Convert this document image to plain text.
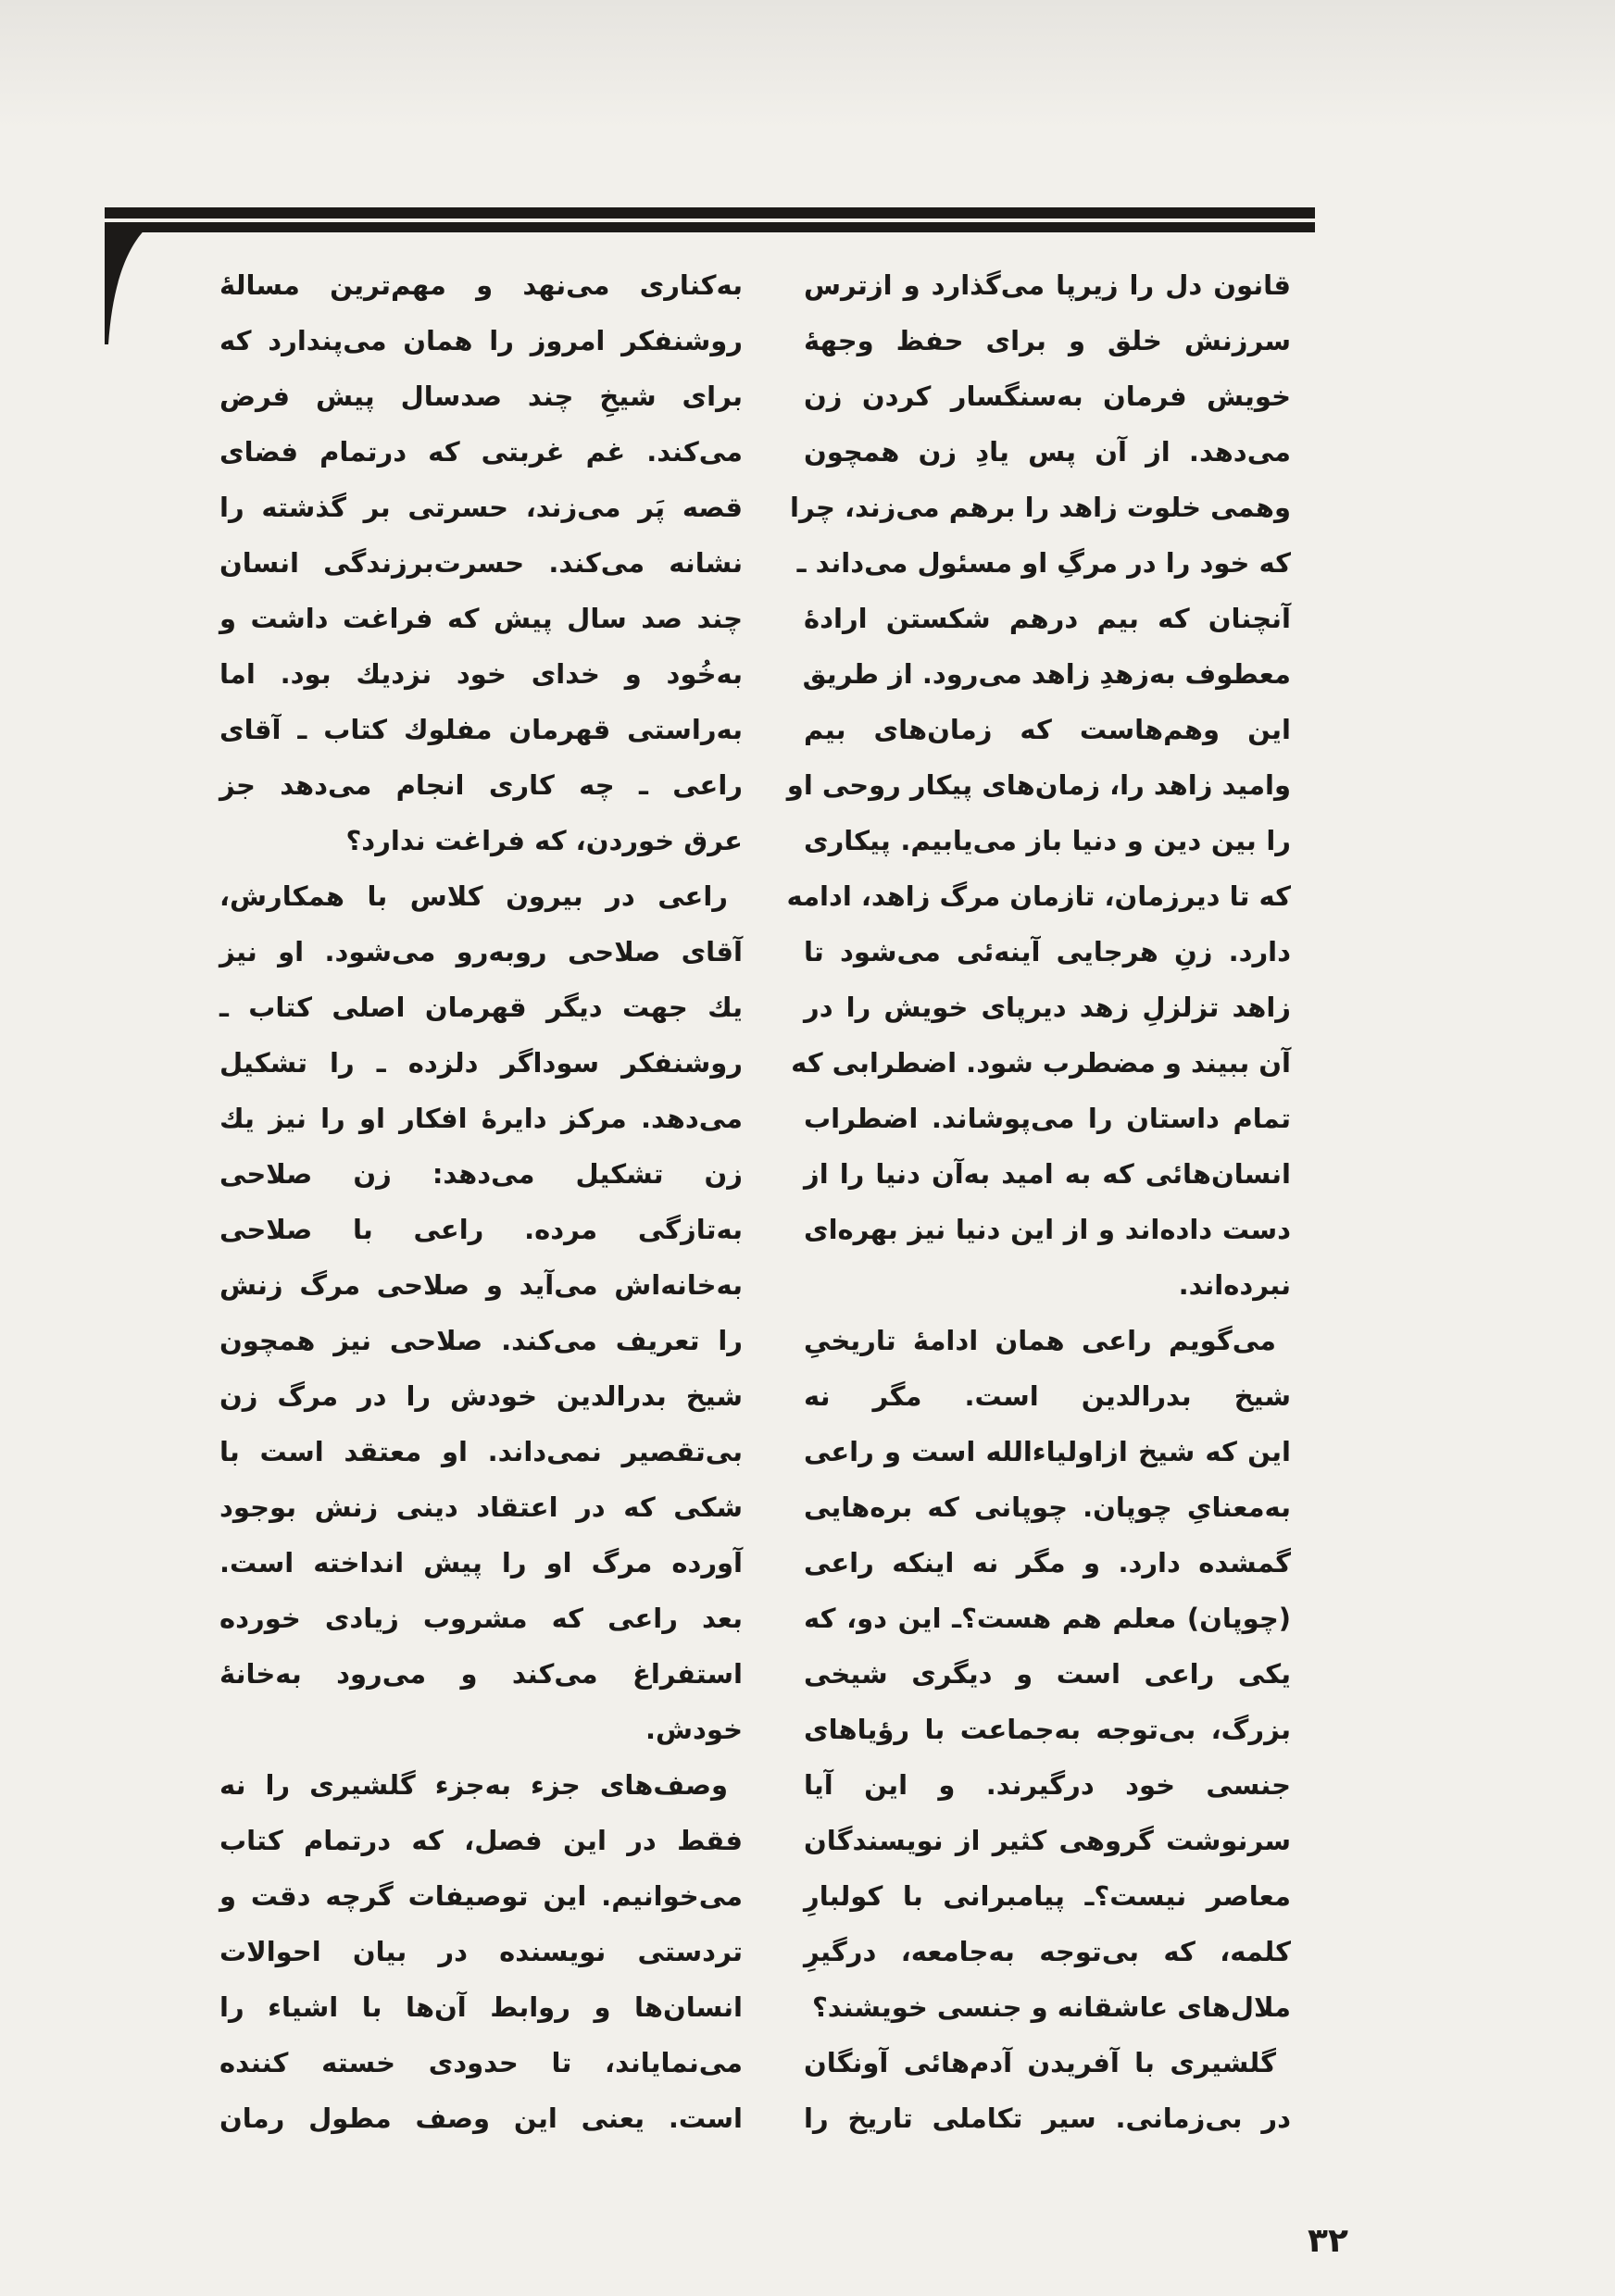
قانون دل را زیرپا می‌گذارد و ازترس
سرزنش خلق و برای حفظ وجههٔ
خویش فرمان به‌سنگسار کردن زن
می‌دهد. از آن پس یادِ زن همچون
وهمی خلوت زاهد را برهم می‌زند، چرا
که خود را در مرگِ او مسئول می‌داند ـ
آنچنان که بیم درهم شکستن ارادهٔ
معطوف به‌زهدِ زاهد می‌رود. از طریق
این وهم‌هاست که زمان‌های بیم
وامید زاهد را، زمان‌های پیکار روحی او
را بین دین و دنیا باز می‌یابیم. پیکاری
که تا دیرزمان، تازمان مرگ زاهد، ادامه
دارد. زنِ هرجایی آینه‌ئی می‌شود تا
زاهد تزلزلِ زهد دیرپای خویش را در
آن ببیند و مضطرب شود. اضطرابی که
تمام داستان را می‌پوشاند. اضطراب
انسان‌هائی که به امید به‌آن دنیا را از
دست داده‌اند و از این دنیا نیز بهره‌ای
نبرده‌اند.
می‌گویم راعی همان ادامهٔ تاریخیِ
شیخ بدرالدین است. مگر نه
این که شیخ ازاولیاءالله است و راعی
به‌معنایِ چوپان. چوپانی که بره‌هایی
گمشده دارد. و مگر نه اینکه راعی
(چوپان) معلم هم هست؟ـ این دو، که
یکی راعی است و دیگری شیخی
بزرگ، بی‌توجه به‌جماعت با رؤیاهای
جنسی خود درگیرند. و این آیا
سرنوشت گروهی کثیر از نویسندگان
معاصر نیست؟ـ پیامبرانی با کولبارِ
کلمه، که بی‌توجه به‌جامعه، درگیرِ
ملال‌های عاشقانه و جنسی خویشند؟
گلشیری با آفریدن آدم‌هائی آونگان
در بی‌زمانی. سیر تکاملی تاریخ را
به‌کناری می‌نهد و مهم‌ترین مسالهٔ
روشنفکر امروز را همان می‌پندارد که
برای شیخِ چند صدسال پیش فرض
می‌کند. غم غربتی که درتمام فضای
قصه پَر می‌زند، حسرتی بر گذشته را
نشانه می‌کند. حسرت‌برزندگی انسان
چند صد سال پیش که فراغت داشت و
به‌خُود و خدای خود نزدیك بود. اما
به‌راستی قهرمان مفلوك کتاب ـ آقای
راعی ـ چه کاری انجام می‌دهد جز
عرق خوردن، که فراغت ندارد؟
راعی در بیرون کلاس با همکارش،
آقای صلاحی روبه‌رو می‌شود. او نیز
يك جهت دیگر قهرمان اصلی کتاب ـ
روشنفکر سوداگر دلزده ـ را تشکیل
می‌دهد. مرکز دایرهٔ افکار او را نیز يك
زن تشکیل می‌دهد: زن صلاحی
به‌تازگی مرده. راعی با صلاحی
به‌خانه‌اش می‌آید و صلاحی مرگ زنش
را تعریف می‌کند. صلاحی نیز همچون
شیخ بدرالدین خودش را در مرگ زن
بی‌تقصیر نمی‌داند. او معتقد است با
شکی که در اعتقاد دینی زنش بوجود
آورده مرگ او را پیش انداخته است.
بعد راعی که مشروب زیادی خورده
استفراغ می‌کند و می‌رود به‌خانهٔ
خودش.
وصف‌های جزء به‌جزء گلشیری را نه
فقط در این فصل، که درتمام کتاب
می‌خوانیم. این توصیفات گرچه دقت و
تردستی نویسنده در بیان احوالات
انسان‌ها و روابط آن‌ها با اشیاء را
می‌نمایاند، تا حدودی خسته کننده
است. یعنی این وصف مطول رمان
۳۲
